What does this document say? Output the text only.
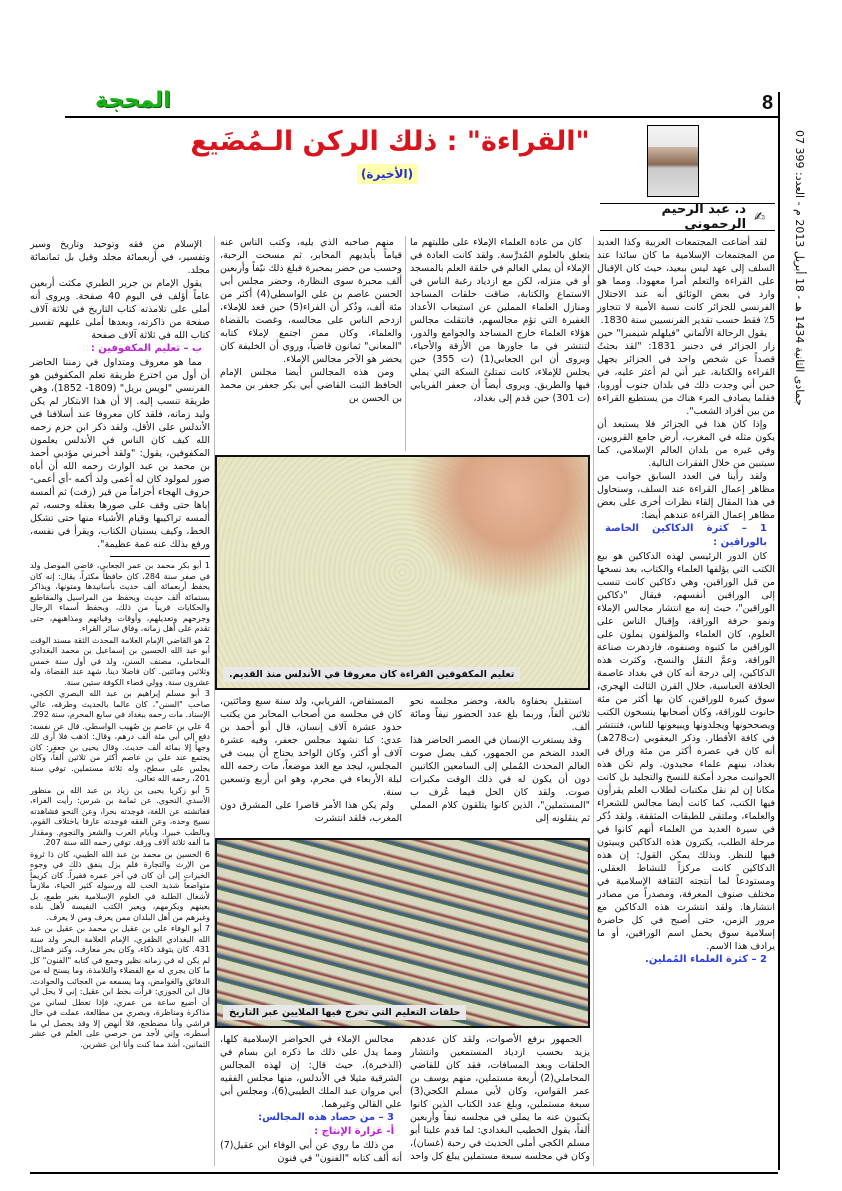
8
المحجة
07 جمادى الثانية 1434 هـ - 18 أبريل 2013 م - العدد: 399
"القراءة" : ذلك الركن الـمُضَيع (الأخيرة)
✍
د. عبد الرحيم الرحموني

لقد أضاعت المجتمعات العربية وكذا العديد من المجتمعات الإسلامية ما كان سائدا عند السلف إلى عهد ليس ببعيد، حيث كان الإقبال على القراءة والتعلم أمرا معهودا. ومما هو وارد في بعض الوثائق أنه عند الاحتلال الفرنسي للجزائر كانت نسبة الأمية لا تتجاوز 5٪ فقط حسب تقدير الفرنسيين سنة 1830.

يقول الرحالة الألماني "فيلهلم شيمبرا" حين زار الجزائر في دجنبر 1831: "لقد بحثتُ قصداً عن شخص واحد في الجزائر يجهل القراءة والكتابة، غير أني لم أعثر عليه، في حين أني وجدت ذلك في بلدان جنوب أوروبا، فقلما يصادف المرء هناك من يستطيع القراءة من بين أفراد الشعب".

وإذا كان هذا في الجزائر فلا يستبعد أن يكون مثله في المغرب، أرض جامع القرويين، وفي غيره من بلدان العالم الإسلامي، كما سيتبين من خلال الفقرات التالية.

ولقد رأينا في العدد السابق جوانب من مظاهر إعمال القراءة عند السلف، وسنحاول في هذا المقال إلقاء نظرات أخرى على بعض مظاهر إعمال القراءة عندهم أيضا:

1 – كثرة الدكاكين الخاصة بالوراقين :

كان الدور الرئيسي لهذه الدكاكين هو بيع الكتب التي يؤلفها العلماء والكتاب، بعد نسخها من قبل الوراقين، وهي دكاكين كانت تنسب إلى الوراقين أنفسهم، فيقال "دكاكين الوراقين"، حيث إنه مع انتشار مجالس الإملاء ونمو حرفة الوراقة، وإقبال الناس على العلوم، كان العلماء والمؤلفون يملون على الوراقين ما كتبوه وصنفوه، فازدهرت صناعة الوراقة، وعمَّ النقل والنسخ، وكثرت هذه الدكاكين، إلى درجة أنه كان في بغداد عاصمة الخلافة العباسية، خلال القرن الثالث الهجري، سوق كبيرة للوراقين، كان بها أكثر من مئة حانوت للوراقة، وكان أصحابها ينسخون الكتب ويصححونها ويجلدونها ويبيعونها للناس، فتنتشر في كافة الأقطار. وذكر اليعقوبي (ت278هـ) أنه كان في عصره أكثر من مئة وراق في بغداد، بينهم علماء مجيدون. ولم تكن هذه الحوانيت مجرد أمكنة للنسخ والتجليد بل كانت مكانا إن لم نقل مكتبات لطلاب العلم يقرأون فيها الكتب، كما كانت أيضا مجالس للشعراء والعلماء، وملتقى للطبقات المثقفة. ولقد ذُكر في سيرة العديد من العلماء أنهم كانوا في مرحلة الطلب، يكترون هذه الدكاكين ويبيتون فيها للنظر. وبذلك يمكن القول: إن هذه الدكاكين كانت مركزاً للنشاط العقلي، ومستودعاً لما أنتجته الثقافة الإسلامية في مختلف صنوف المعرفة، ومصدراً من مصادر انتشارها. ولقد انتشرت هذه الدكاكين مع مرور الزمن، حتى أصبح في كل حاضرة إسلامية سوق يحمل اسم الوراقين، أو ما يرادف هذا الاسم.

2 – كثرة العلماء المُملين.

كان من عادة العلماء الإملاء على طلبتهم ما يتعلق بالعلوم المُدرَّسة. ولقد كانت العادة في الإملاء أن يملي العالم في حلقة العلم بالمسجد أو في منزله، لكن مع ازدياد رغبة الناس في الاستماع والكتابة، ضاقت حلقات المساجد ومنازل العلماء المملين عن استيعاب الأعداد الغفيرة التي تؤم مجالسهم، فانتقلت مجالس هؤلاء العلماء خارج المساجد والجوامع والدور، لتنتشر في ما جاورها من الأزقة والأحياء، ويروى أن ابن الجعابي(1) (ت 355) حين يجلس للإملاء، كانت تمتلئ السكة التي يملي فيها والطريق. ويروى أيضاً أن جعفر الفريابي (ت 301) حين قدم إلى بغداد،

استقبل بحفاوة بالغة، وحضر مجلسه نحو ثلاثين ألفاً، وربما بلغ عدد الحضور نيفاً ومائة ألف.

وقد يستغرب الإنسان في العصر الحاضر هذا العدد الضخم من الجمهور، كيف يصل صوت العالم المحدث المُملي إلى السامعين الكاتبين دون أن يكون له في ذلك الوقت مكبرات صوت. ولقد كان الحل فيما عُرف ب "المستملين"، الذين كانوا يتلقون كلام المملي ثم ينقلونه إلى

الجمهور برفع الأصوات، ولقد كان عددهم يزيد بحسب ازدياد المستمعين وانتشار الحلقات وبعد المسافات، فقد كان للقاضي المحاملي(2) أربعة مستملين، منهم يوسف بن عمر القواس، وكان لأبي مسلم الكجي(3) سبعة مستملين، وبلغ عدد الكتاب الذين كانوا يكتبون عنه ما يملي في مجلسه نيفاً وأربعين ألفاً، يقول الخطيب البغدادي: لما قدم علينا أبو مسلم الكجي أملى الحديث في رحبة (غسان)، وكان في مجلسه سبعة مستملين يبلغ كل واحد

منهم صاحبه الذي يليه، وكتب الناس عنه قياماً بأيديهم المحابر، ثم مسحت الرحبة، وحسب من حضر بمحبرة فبلغ ذلك نيّفاً وأربعين ألف محبرة سوى النظارة، وحضر مجلس أبي الحسن عاصم بن علي الواسطي(4) أكثر من مئة ألف، وذُكر أن الفراء(5) حين قعد للإملاء، ازدحم الناس على مجالسه، وغصت بالقضاة والعلماء، وكان ممن اجتمع لإملاء كتابه "المعاني" ثمانون قاضياً، وروي أن الخليفة كان يحضر هو الآخر مجالس الإملاء.

ومن هذه المجالس أيضا مجلس الإمام الحافظ الثبت القاضي أبي بكر جعفر بن محمد بن الحسن بن

المستفاض، الفريابي، ولد سنة سبع ومائتين، كان في مجلسه من أصحاب المحابر من يكتب حدود عشرة آلاف إنسان، قال أبو أحمد بن عدي: كنا نشهد مجلس جعفر، وفيه عشرة آلاف أو أكثر، وكان الواحد يحتاج أن يبيت في المجلس، ليجد مع الغد موضعاً، مات رحمه الله ليلة الأربعاء في محرم، وهو ابن أربع وتسعين سنة.

ولم يكن هذا الأمر قاصرا على المشرق دون المغرب، فلقد انتشرت

مجالس الإملاء في الحواضر الإسلامية كلها، ومما يدل على ذلك ما ذكره ابن بسام في (الذخيرة)، حيث قال: إن لهذه المجالس الشرقية مثيلا في الأندلس، منها مجلس الفقيه أبي مروان عبد الملك الطيبي(6)، ومجلس أبي علي القالي وغيرهما.

3 – من حصاد هذه المجالس:
أ- غزارة الإنتاج :

من ذلك ما روي عن أبي الوفاء ابن عقيل(7) أنه ألف كتابه "الفنون" في فنون

تعليم المكفوفين القراءة كان معروفا في الأندلس منذ القديم.
حلقات التعليم التي تخرج فيها الملايين عبر التاريخ

الإسلام من فقه وتوحيد وتاريخ وسير وتفسير، في أربعمائة مجلد وقيل بل ثمانمائة مجلد.

يقول الإمام بن جرير الطبري مكثت أربعين عاماً أؤلف في اليوم 40 صفحة. ويروى أنه أملى على تلامذته كتاب التاريخ في ثلاثة آلاف صفحة من ذاكرته، وبعدها أملى عليهم تفسير كتاب الله في ثلاثة آلاف صفحة

ب – تعليم المكفوفين :

مما هو معروف ومتداول في زمننا الحاضر أن أول من اخترع طريقة تعلم المكفوفين هو الفرنسي "لويس بريل" (1809- 1852)، وهي طريقة تنسب إليه. إلا أن هذا الابتكار لم يكن وليد زمانه، فلقد كان معروفا عند أسلافنا في الأندلس على الأقل. ولقد ذكر ابن حزم رحمه الله كيف كان الناس في الأندلس يعلمون المكفوفين، يقول: "ولقد أخبرني مؤدبي أحمد بن محمد بن عبد الوارث رحمه الله أن أباه صور لمولود كان له أعمى ولد أكمه -أي أعمى- حروف الهجاء أجراماً من قير (زفت) ثم ألمسه إياها حتى وقف على صورها بعقله وحسه، ثم ألمسه تراكيبها وقيام الأشياء منها حتى تشكل الخط، وكيف يستبان الكتاب، ويقرأ في نفسه، ورفع بذلك عنه غمة عظيمة".

1 أبو بكر محمد بن عمر الجعابي، قاضي الموصل ولد في صفر سنة 284، كان حافظاً مكثراً، يقال: إنه كان يحفظ أربعمائة ألف حديث بأسانيدها ومتونها، ويذاكر بستمائة ألف حديث ويحفظ من المراسيل والمقاطيع والحكايات قريباً من ذلك، ويحفظ أسماء الرجال وجرحهم وتعديلهم، وأوقات وفياتهم ومذاهبهم، حتى تقدم على أهل زمانه، وفاق سائر القراء.

2 هو القاضي الإمام العلامة المحدث الثقة مسند الوقت أبو عبد الله الحسين بن إسماعيل بن محمد البغدادي المحاملي، مصنف السنن، ولد في أول سنة خمس وثلاثين ومائتين. كان فاضلا دينا. شهد عند القضاة، وله عشرون سنة. وولي قضاء الكوفة ستين سنة.

3 أبو مسلم إبراهيم بن عبد الله البصري الكجي، صاحب "السنن"، كان عالما بالحديث وطرقه، عالي الإسناد. مات رحمه ببغداد في سابع المحرم، سنة 292.

4 علي بن عاصم بن صُهيب الواسطي. قال عن نفسه: دفع إلي أبي مئة ألف درهم، وقال: اذهب فلا أرى لك وجهاً إلا بمائة ألف حديث. وقال يحيى بن جعفر: كان يجتمع عند علي بن عاصم أكثر من ثلاثين ألفاً، وكان يجلس على سطح، وله ثلاثة مستملين. توفي سنة 201، رحمه الله تعالى.

5 أبو زكريا يحيى بن زياد بن عبد الله بن منظور الأسدي النحوي. عن ثمامة بن شرس: رأيت الفراء، ففاتشته عن اللغة، فوجدته بحرا، وعن النحو فشاهدته نسيج وحده، وعن الفقه فوجدته عارفا باختلاف القوم، وبالطب خبيرا، وبأيام العرب والشعر والنجوم. ومقدار ما ألفه ثلاثة آلاف ورقة. توفي رحمه الله سنة 207.

6 الحسين بن محمد بن عبد الله الطيبي، كان ذا ثروة من الإرث والتجارة فلم يزل ينفق ذلك في وجوه الخيرات إلى أن كان في آخر عمره فقيراً. كان كريماً متواضعاً شديد الحب لله ورسوله كثير الحياء، ملازماً لأشغال الطلبة في العلوم الإسلامية بغير طمع، بل يعينهم ويكرمهم، ويعير الكتب النفيسة لأهل بلده وغيرهم من أهل البلدان ممن يعرف ومن لا يعرف.

7 أبو الوفاء علي بن عقيل بن محمد بن عقيل بن عبد الله البغدادي الظفري، الإمام العلامة البحر ولد سنة 431. كان يتوقد ذكاء، وكان بحر معارف، وكنز فضائل، لم يكن له في زمانه نظير وجمع في كتابه "الفنون" كل ما كان يجري له مع الفضلاء والتلامذة، وما يسنح له من الدقائق والغوامض، وما يسمعه من العجائب والحوادث. قال ابن الجوزي: قرأت بخط ابن عقيل: إني لا يحل لي أن أضيع ساعة من عمري، فإذا تعطل لساني من مذاكرة ومناظرة، وبصري من مطالعة، عملت في حال فراشي وأنا مضطجع، فلا أنهض إلا وقد يحصل لي ما أسطره، وإني لأجد من حرصي على العلم في عشر الثمانين، أشد مما كنت وأنا ابن عشرين.
